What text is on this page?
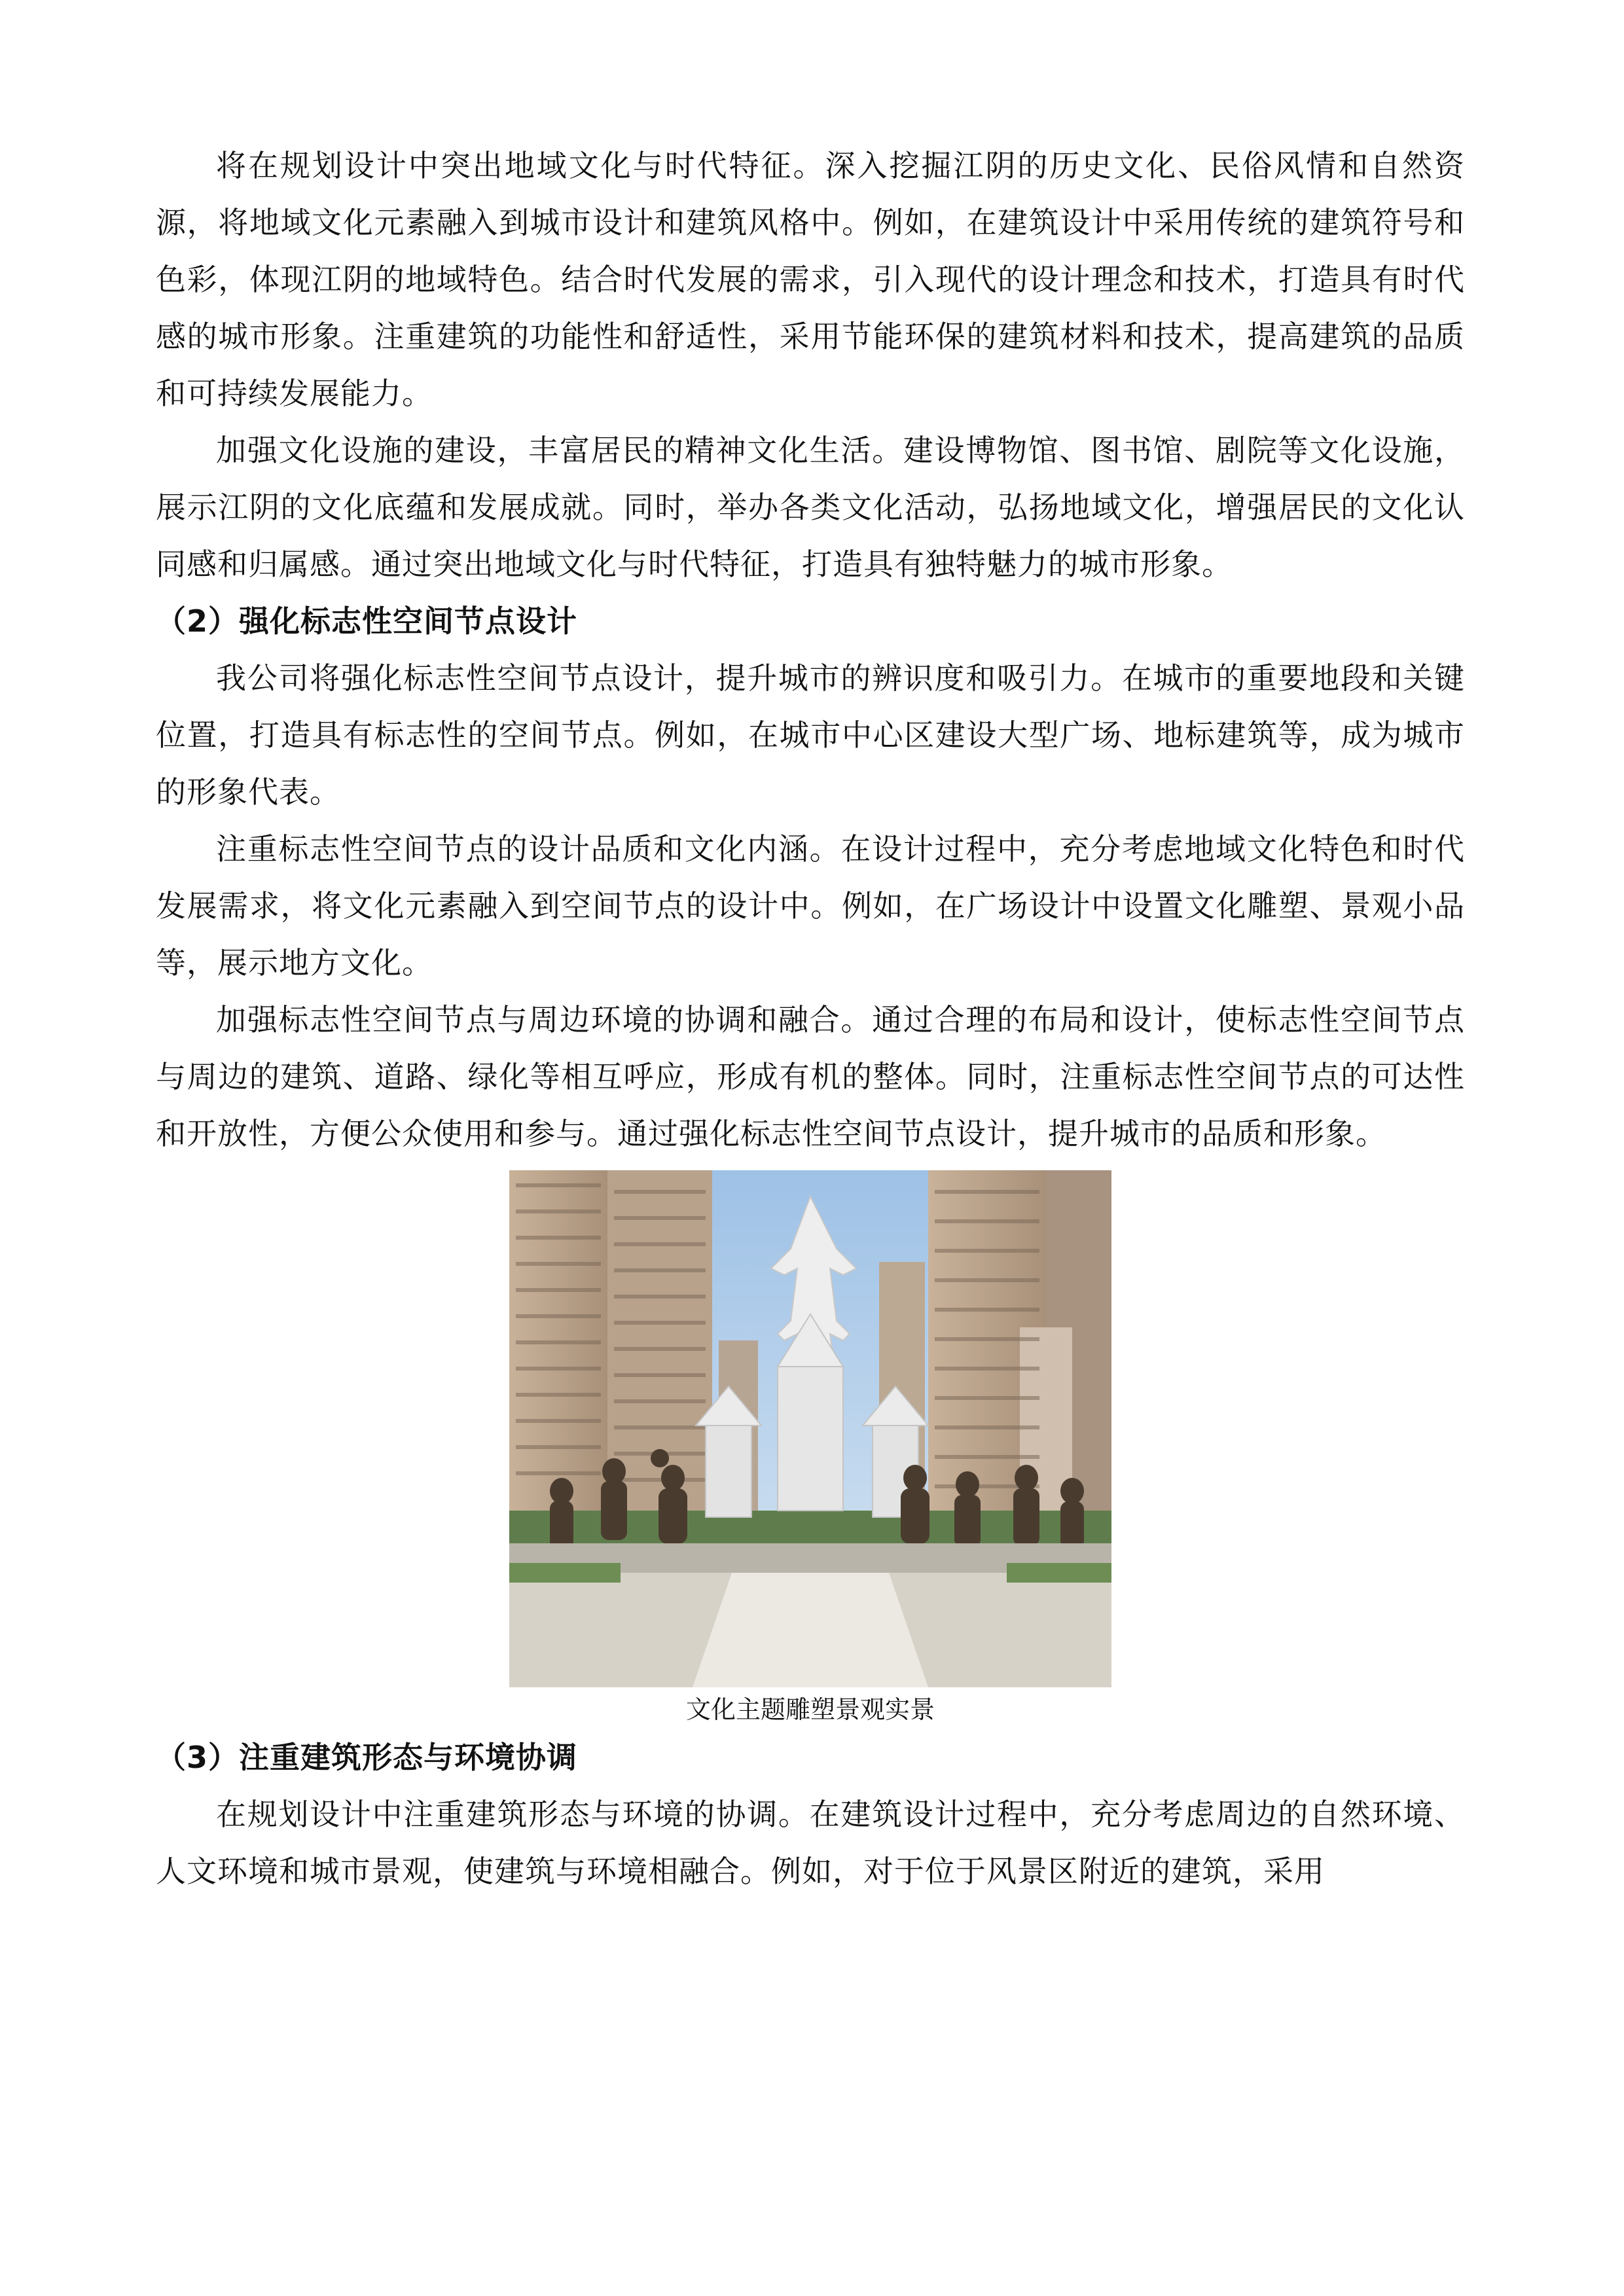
将在规划设计中突出地域文化与时代特征。深入挖掘江阴的历史文化、民俗风情和自然资源，将地域文化元素融入到城市设计和建筑风格中。例如，在建筑设计中采用传统的建筑符号和色彩，体现江阴的地域特色。结合时代发展的需求，引入现代的设计理念和技术，打造具有时代感的城市形象。注重建筑的功能性和舒适性，采用节能环保的建筑材料和技术，提高建筑的品质和可持续发展能力。

加强文化设施的建设，丰富居民的精神文化生活。建设博物馆、图书馆、剧院等文化设施，展示江阴的文化底蕴和发展成就。同时，举办各类文化活动，弘扬地域文化，增强居民的文化认同感和归属感。通过突出地域文化与时代特征，打造具有独特魅力的城市形象。

（2）强化标志性空间节点设计

我公司将强化标志性空间节点设计，提升城市的辨识度和吸引力。在城市的重要地段和关键位置，打造具有标志性的空间节点。例如，在城市中心区建设大型广场、地标建筑等，成为城市的形象代表。

注重标志性空间节点的设计品质和文化内涵。在设计过程中，充分考虑地域文化特色和时代发展需求，将文化元素融入到空间节点的设计中。例如，在广场设计中设置文化雕塑、景观小品等，展示地方文化。

加强标志性空间节点与周边环境的协调和融合。通过合理的布局和设计，使标志性空间节点与周边的建筑、道路、绿化等相互呼应，形成有机的整体。同时，注重标志性空间节点的可达性和开放性，方便公众使用和参与。通过强化标志性空间节点设计，提升城市的品质和形象。

文化主题雕塑景观实景
（3）注重建筑形态与环境协调

在规划设计中注重建筑形态与环境的协调。在建筑设计过程中，充分考虑周边的自然环境、人文环境和城市景观，使建筑与环境相融合。例如，对于位于风景区附近的建筑，采用
